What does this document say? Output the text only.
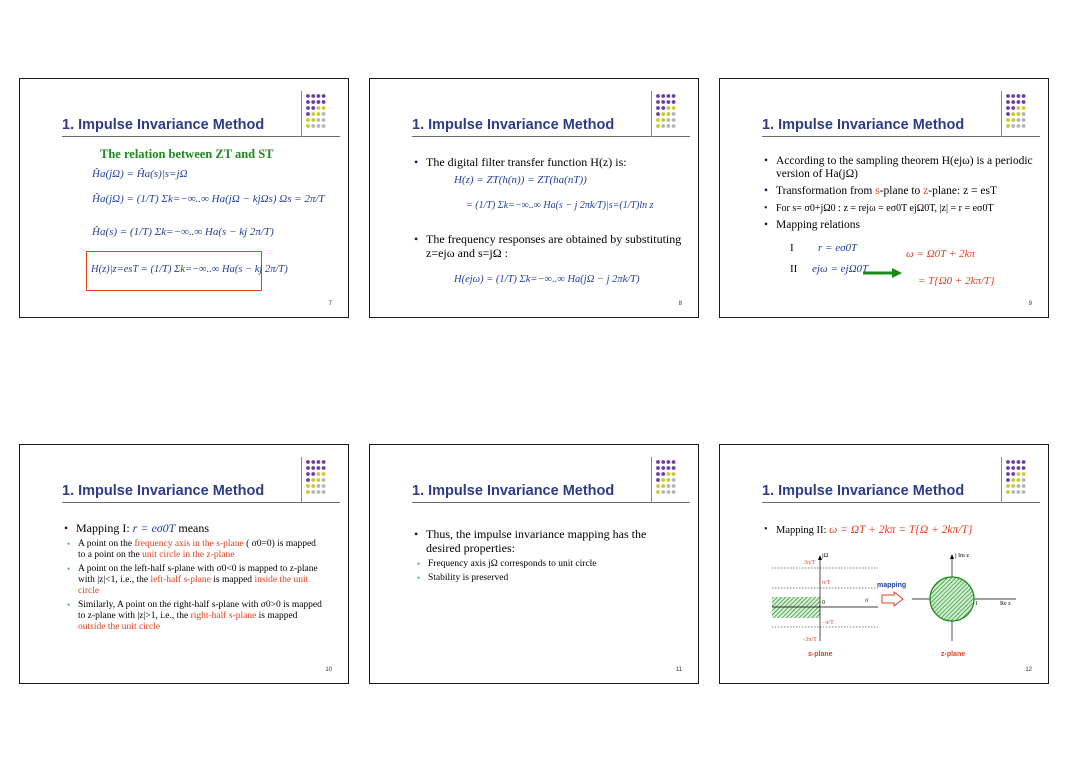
1. Impulse Invariance Method
The relation between ZT and ST
Ĥa(jΩ) = Ĥa(s)|s=jΩ
Ĥa(jΩ) = (1/T) Σk=−∞..∞ Ha(jΩ − kjΩs) Ωs = 2π/T
Ĥa(s) = (1/T) Σk=−∞..∞ Ha(s − kj 2π/T)
H(z)|z=esT = (1/T) Σk=−∞..∞ Ha(s − kj 2π/T)
7
1. Impulse Invariance Method
• The digital filter transfer function H(z) is:
H(z) = ZT(h(n)) = ZT(ha(nT))
= (1/T) Σk=−∞..∞ Ha(s − j 2πk/T)|s=(1/T)ln z
• The frequency responses are obtained by substituting z=ejω and s=jΩ :
H(ejω) = (1/T) Σk=−∞..∞ Ha(jΩ − j 2πk/T)
8
1. Impulse Invariance Method
• According to the sampling theorem H(ejω) is a periodic version of Ha(jΩ)
• Transformation from s-plane to z-plane: z = esT
• For s= σ0+jΩ0 : z = rejω = eσ0T ejΩ0T, |z| = r = eσ0T
• Mapping relations
I r = eσ0T
II ejω = ejΩ0T
ω = Ω0T + 2kπ
= T{Ω0 + 2kπ/T}
9
1. Impulse Invariance Method
• Mapping I: r = eσ0T means
• A point on the frequency axis in the s-plane ( σ0=0) is mapped to a point on the unit circle in the z-plane
• A point on the left-half s-plane with σ0<0 is mapped to z-plane with |z|<1, i.e., the left-half s-plane is mapped inside the unit circle
• Similarly, A point on the right-half s-plane with σ0>0 is mapped to z-plane with |z|>1, i.e., the right-half s-plane is mapped outside the unit circle
10
1. Impulse Invariance Method
• Thus, the impulse invariance mapping has the desired properties:
• Frequency axis jΩ corresponds to unit circle
• Stability is preserved
11
1. Impulse Invariance Method
• Mapping II: ω = ΩT + 2kπ = T{Ω + 2kπ/T}
jΩ
σ
0
3π/T
π/T
−π/T
−3π/T
s-plane
mapping
j Im z
Re z
1
z-plane
12
